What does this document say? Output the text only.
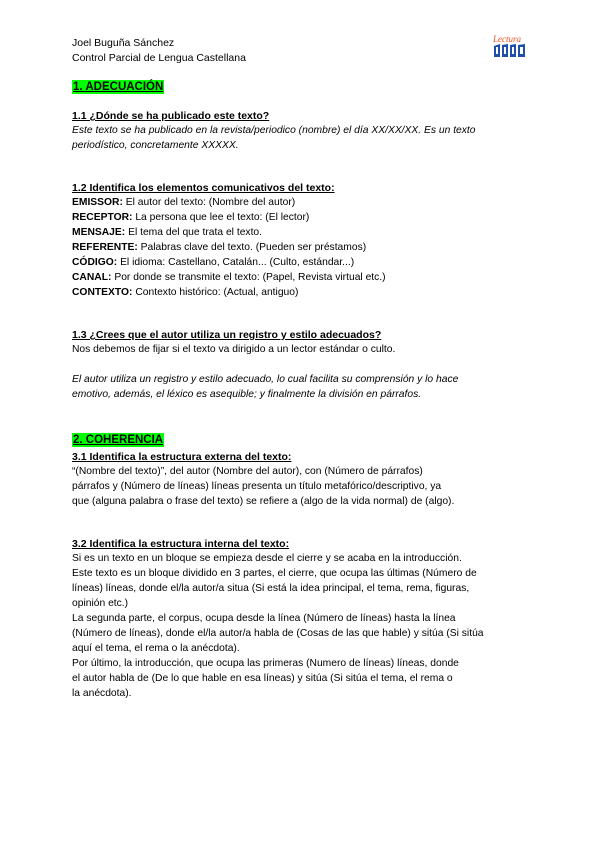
Joel Buguña Sánchez
Control Parcial de Lengua Castellana
Lectura
1. ADECUACIÓN
1.1 ¿Dónde se ha publicado este texto?
Este texto se ha publicado en la revista/periodico (nombre) el día XX/XX/XX. Es un texto
periodístico, concretamente XXXXX.
1.2 Identifica los elementos comunicativos del texto:
EMISSOR: El autor del texto: (Nombre del autor)
RECEPTOR: La persona que lee el texto: (El lector)
MENSAJE: El tema del que trata el texto.
REFERENTE: Palabras clave del texto. (Pueden ser préstamos)
CÓDIGO: El idioma: Castellano, Catalán... (Culto, estándar...)
CANAL: Por donde se transmite el texto: (Papel, Revista virtual etc.)
CONTEXTO: Contexto histórico: (Actual, antiguo)
1.3 ¿Crees que el autor utiliza un registro y estilo adecuados?
Nos debemos de fijar si el texto va dirigido a un lector estándar o culto.
El autor utiliza un registro y estilo adecuado, lo cual facilita su comprensión y lo hace
emotivo, además, el léxico es asequible; y finalmente la división en párrafos.
2. COHERENCIA
3.1 Identifica la estructura externa del texto:
“(Nombre del texto)”, del autor (Nombre del autor), con (Número de párrafos)
párrafos y (Número de líneas) líneas presenta un título metafórico/descriptivo, ya
que (alguna palabra o frase del texto) se refiere a (algo de la vida normal) de (algo).
3.2 Identifica la estructura interna del texto:
Si es un texto en un bloque se empieza desde el cierre y se acaba en la introducción.
Este texto es un bloque dividido en 3 partes, el cierre, que ocupa las últimas (Número de
líneas) líneas, donde el/la autor/a situa (Si está la idea principal, el tema, rema, figuras,
opinión etc.)
La segunda parte, el corpus, ocupa desde la línea (Número de líneas) hasta la línea
(Número de líneas), donde el/la autor/a habla de (Cosas de las que hable) y sitúa (Si sitúa
aquí el tema, el rema o la anécdota).
Por último, la introducción, que ocupa las primeras (Numero de líneas) líneas, donde
el autor habla de (De lo que hable en esa líneas) y sitúa (Si sitúa el tema, el rema o
la anécdota).
